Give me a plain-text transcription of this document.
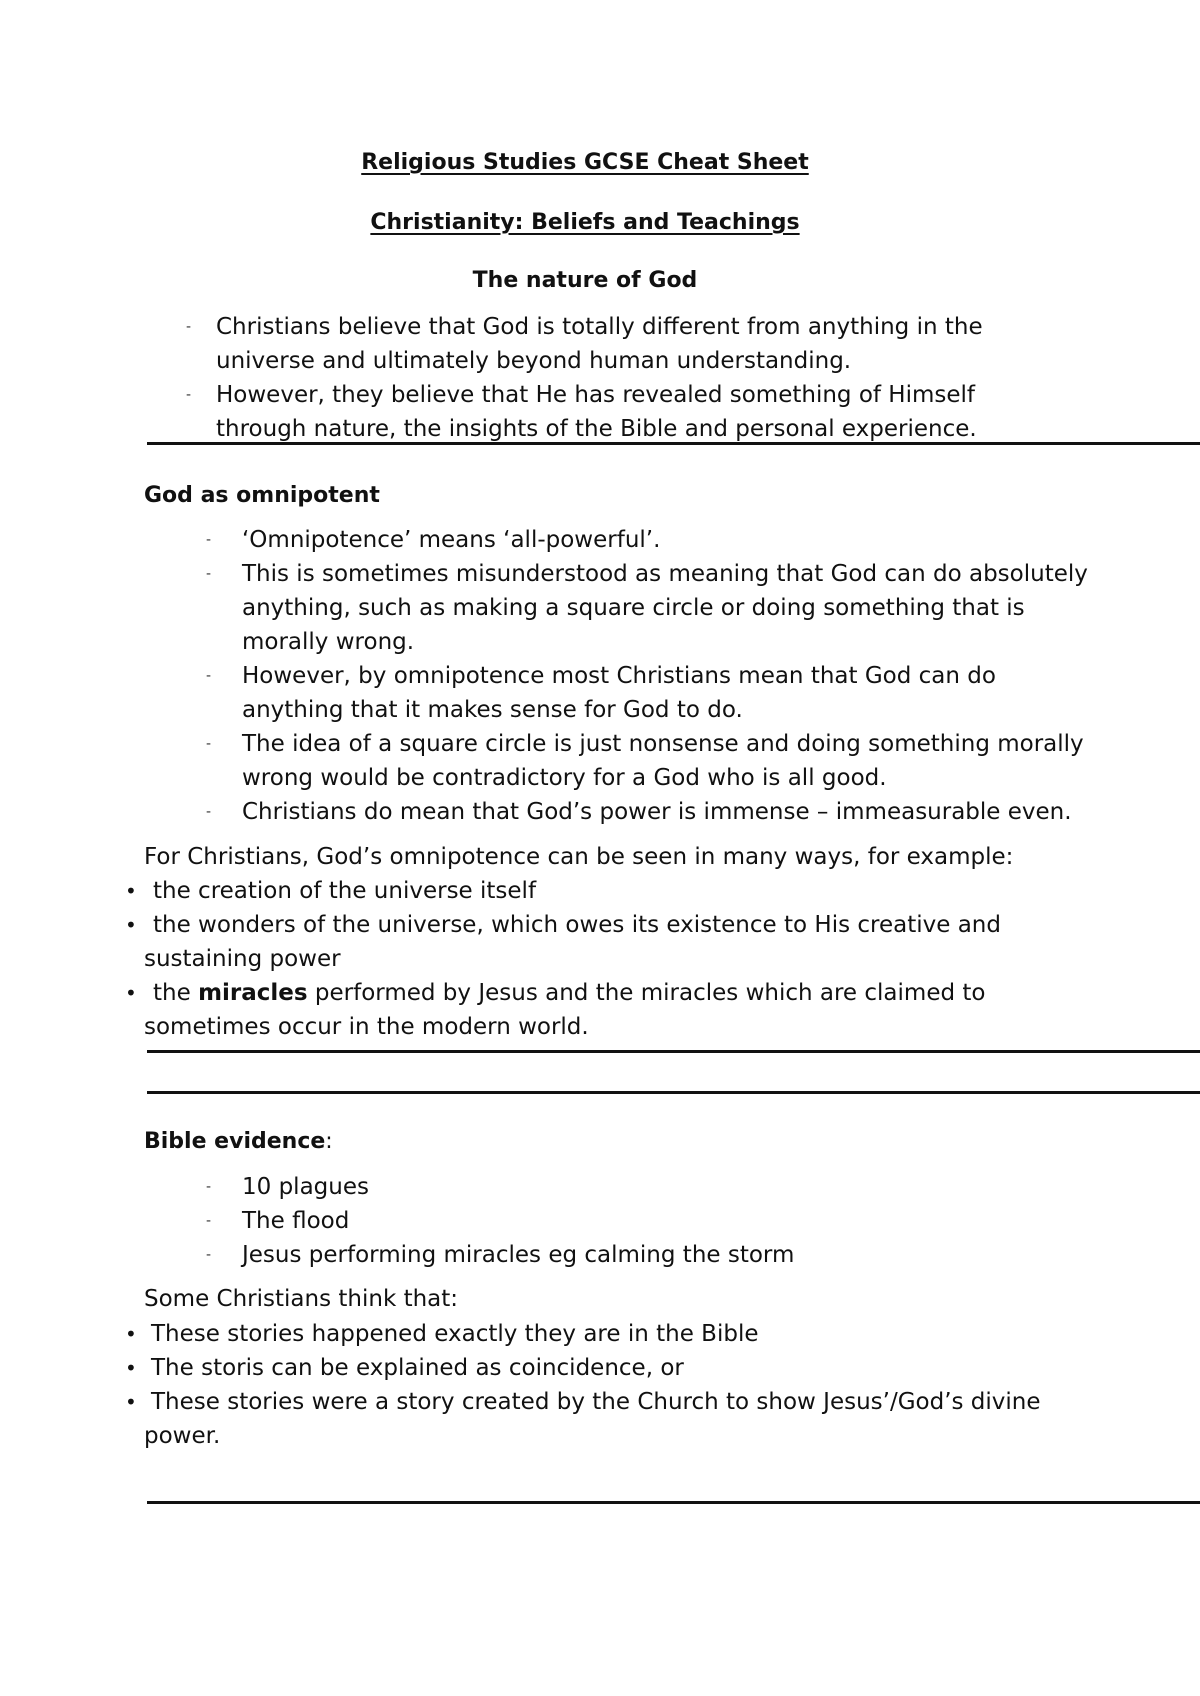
Religious Studies GCSE Cheat Sheet
Christianity: Beliefs and Teachings
The nature of God
- Christians believe that God is totally different from anything in the
universe and ultimately beyond human understanding.
- However, they believe that He has revealed something of Himself
through nature, the insights of the Bible and personal experience.
God as omnipotent
- ‘Omnipotence’ means ‘all-powerful’.
- This is sometimes misunderstood as meaning that God can do absolutely
anything, such as making a square circle or doing something that is
morally wrong.
- However, by omnipotence most Christians mean that God can do
anything that it makes sense for God to do.
- The idea of a square circle is just nonsense and doing something morally
wrong would be contradictory for a God who is all good.
- Christians do mean that God’s power is immense – immeasurable even.

For Christians, God’s omnipotence can be seen in many ways, for example:

• the creation of the universe itself
• the wonders of the universe, which owes its existence to His creative and
sustaining power
• the miracles performed by Jesus and the miracles which are claimed to
sometimes occur in the modern world.
Bible evidence:
- 10 plagues
- The flood
- Jesus performing miracles eg calming the storm

Some Christians think that:

• These stories happened exactly they are in the Bible
• The storis can be explained as coincidence, or
• These stories were a story created by the Church to show Jesus’/God’s divine
power.
